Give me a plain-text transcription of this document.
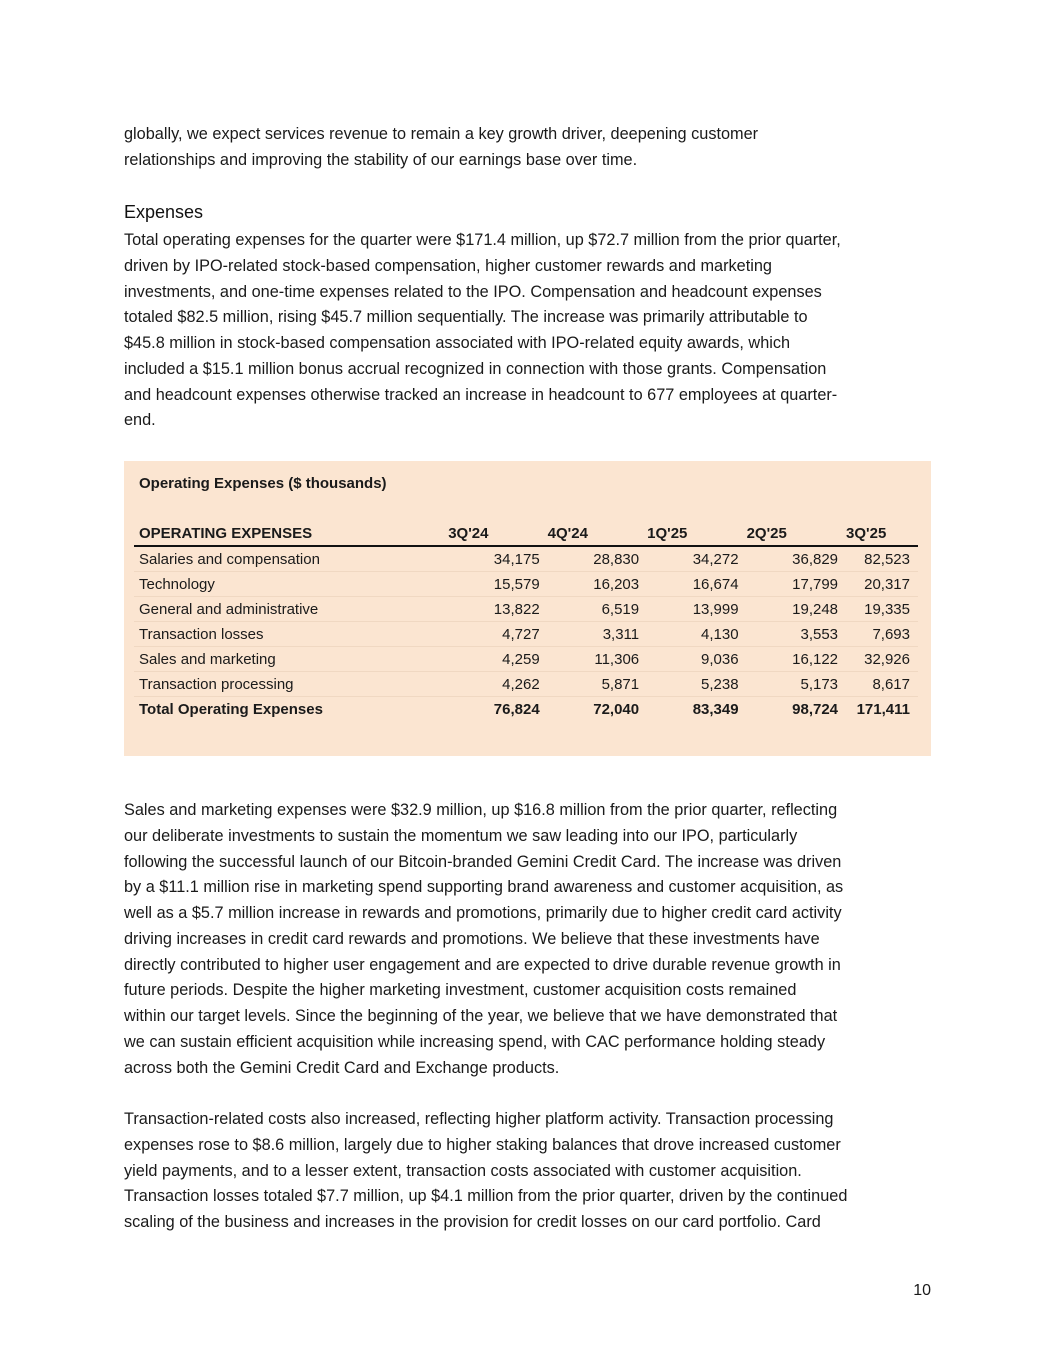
globally, we expect services revenue to remain a key growth driver, deepening customer
relationships and improving the stability of our earnings base over time.
Expenses
Total operating expenses for the quarter were $171.4 million, up $72.7 million from the prior quarter,
driven by IPO-related stock-based compensation, higher customer rewards and marketing
investments, and one-time expenses related to the IPO. Compensation and headcount expenses
totaled $82.5 million, rising $45.7 million sequentially. The increase was primarily attributable to
$45.8 million in stock-based compensation associated with IPO-related equity awards, which
included a $15.1 million bonus accrual recognized in connection with those grants. Compensation
and headcount expenses otherwise tracked an increase in headcount to 677 employees at quarter-
end.
Operating Expenses ($ thousands)
OPERATING EXPENSES	3Q'24	4Q'24	1Q'25	2Q'25	3Q'25
Salaries and compensation	34,175	28,830	34,272	36,829	82,523
Technology	15,579	16,203	16,674	17,799	20,317
General and administrative	13,822	6,519	13,999	19,248	19,335
Transaction losses	4,727	3,311	4,130	3,553	7,693
Sales and marketing	4,259	11,306	9,036	16,122	32,926
Transaction processing	4,262	5,871	5,238	5,173	8,617
Total Operating Expenses	76,824	72,040	83,349	98,724	171,411
Sales and marketing expenses were $32.9 million, up $16.8 million from the prior quarter, reflecting
our deliberate investments to sustain the momentum we saw leading into our IPO, particularly
following the successful launch of our Bitcoin-branded Gemini Credit Card. The increase was driven
by a $11.1 million rise in marketing spend supporting brand awareness and customer acquisition, as
well as a $5.7 million increase in rewards and promotions, primarily due to higher credit card activity
driving increases in credit card rewards and promotions. We believe that these investments have
directly contributed to higher user engagement and are expected to drive durable revenue growth in
future periods. Despite the higher marketing investment, customer acquisition costs remained
within our target levels. Since the beginning of the year, we believe that we have demonstrated that
we can sustain efficient acquisition while increasing spend, with CAC performance holding steady
across both the Gemini Credit Card and Exchange products.
Transaction-related costs also increased, reflecting higher platform activity. Transaction processing
expenses rose to $8.6 million, largely due to higher staking balances that drove increased customer
yield payments, and to a lesser extent, transaction costs associated with customer acquisition.
Transaction losses totaled $7.7 million, up $4.1 million from the prior quarter, driven by the continued
scaling of the business and increases in the provision for credit losses on our card portfolio. Card
10
